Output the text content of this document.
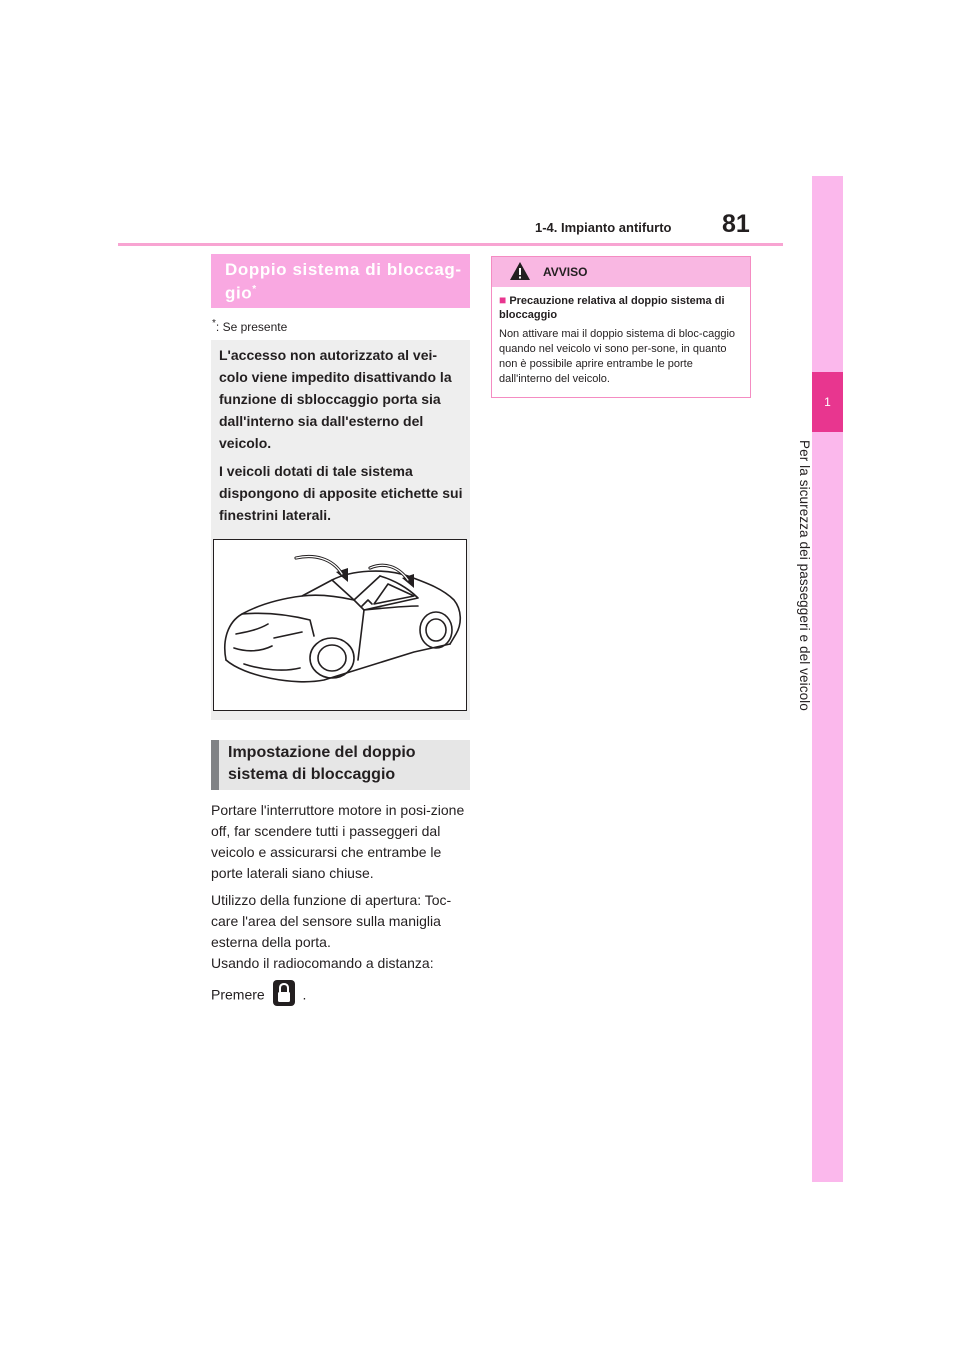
1
Per la sicurezza dei passeggeri e del veicolo
81
1-4. Impianto antifurto
Doppio sistema di bloccag-gio*
*: Se presente

L'accesso non autorizzato al vei-colo viene impedito disattivando la funzione di sbloccaggio porta sia dall'interno sia dall'esterno del veicolo.

I veicoli dotati di tale sistema dispongono di apposite etichette sui finestrini laterali.

Impostazione del doppio sistema di bloccaggio

Portare l'interruttore motore in posi-zione off, far scendere tutti i passeggeri dal veicolo e assicurarsi che entrambe le porte laterali siano chiuse.

Utilizzo della funzione di apertura: Toc-care l'area del sensore sulla maniglia esterna della porta.

Usando il radiocomando a distanza:

Premere	.

AVVISO
■ Precauzione relativa al doppio sistema di bloccaggio
Non attivare mai il doppio sistema di bloc-caggio quando nel veicolo vi sono per-sone, in quanto non è possibile aprire entrambe le porte dall'interno del veicolo.
